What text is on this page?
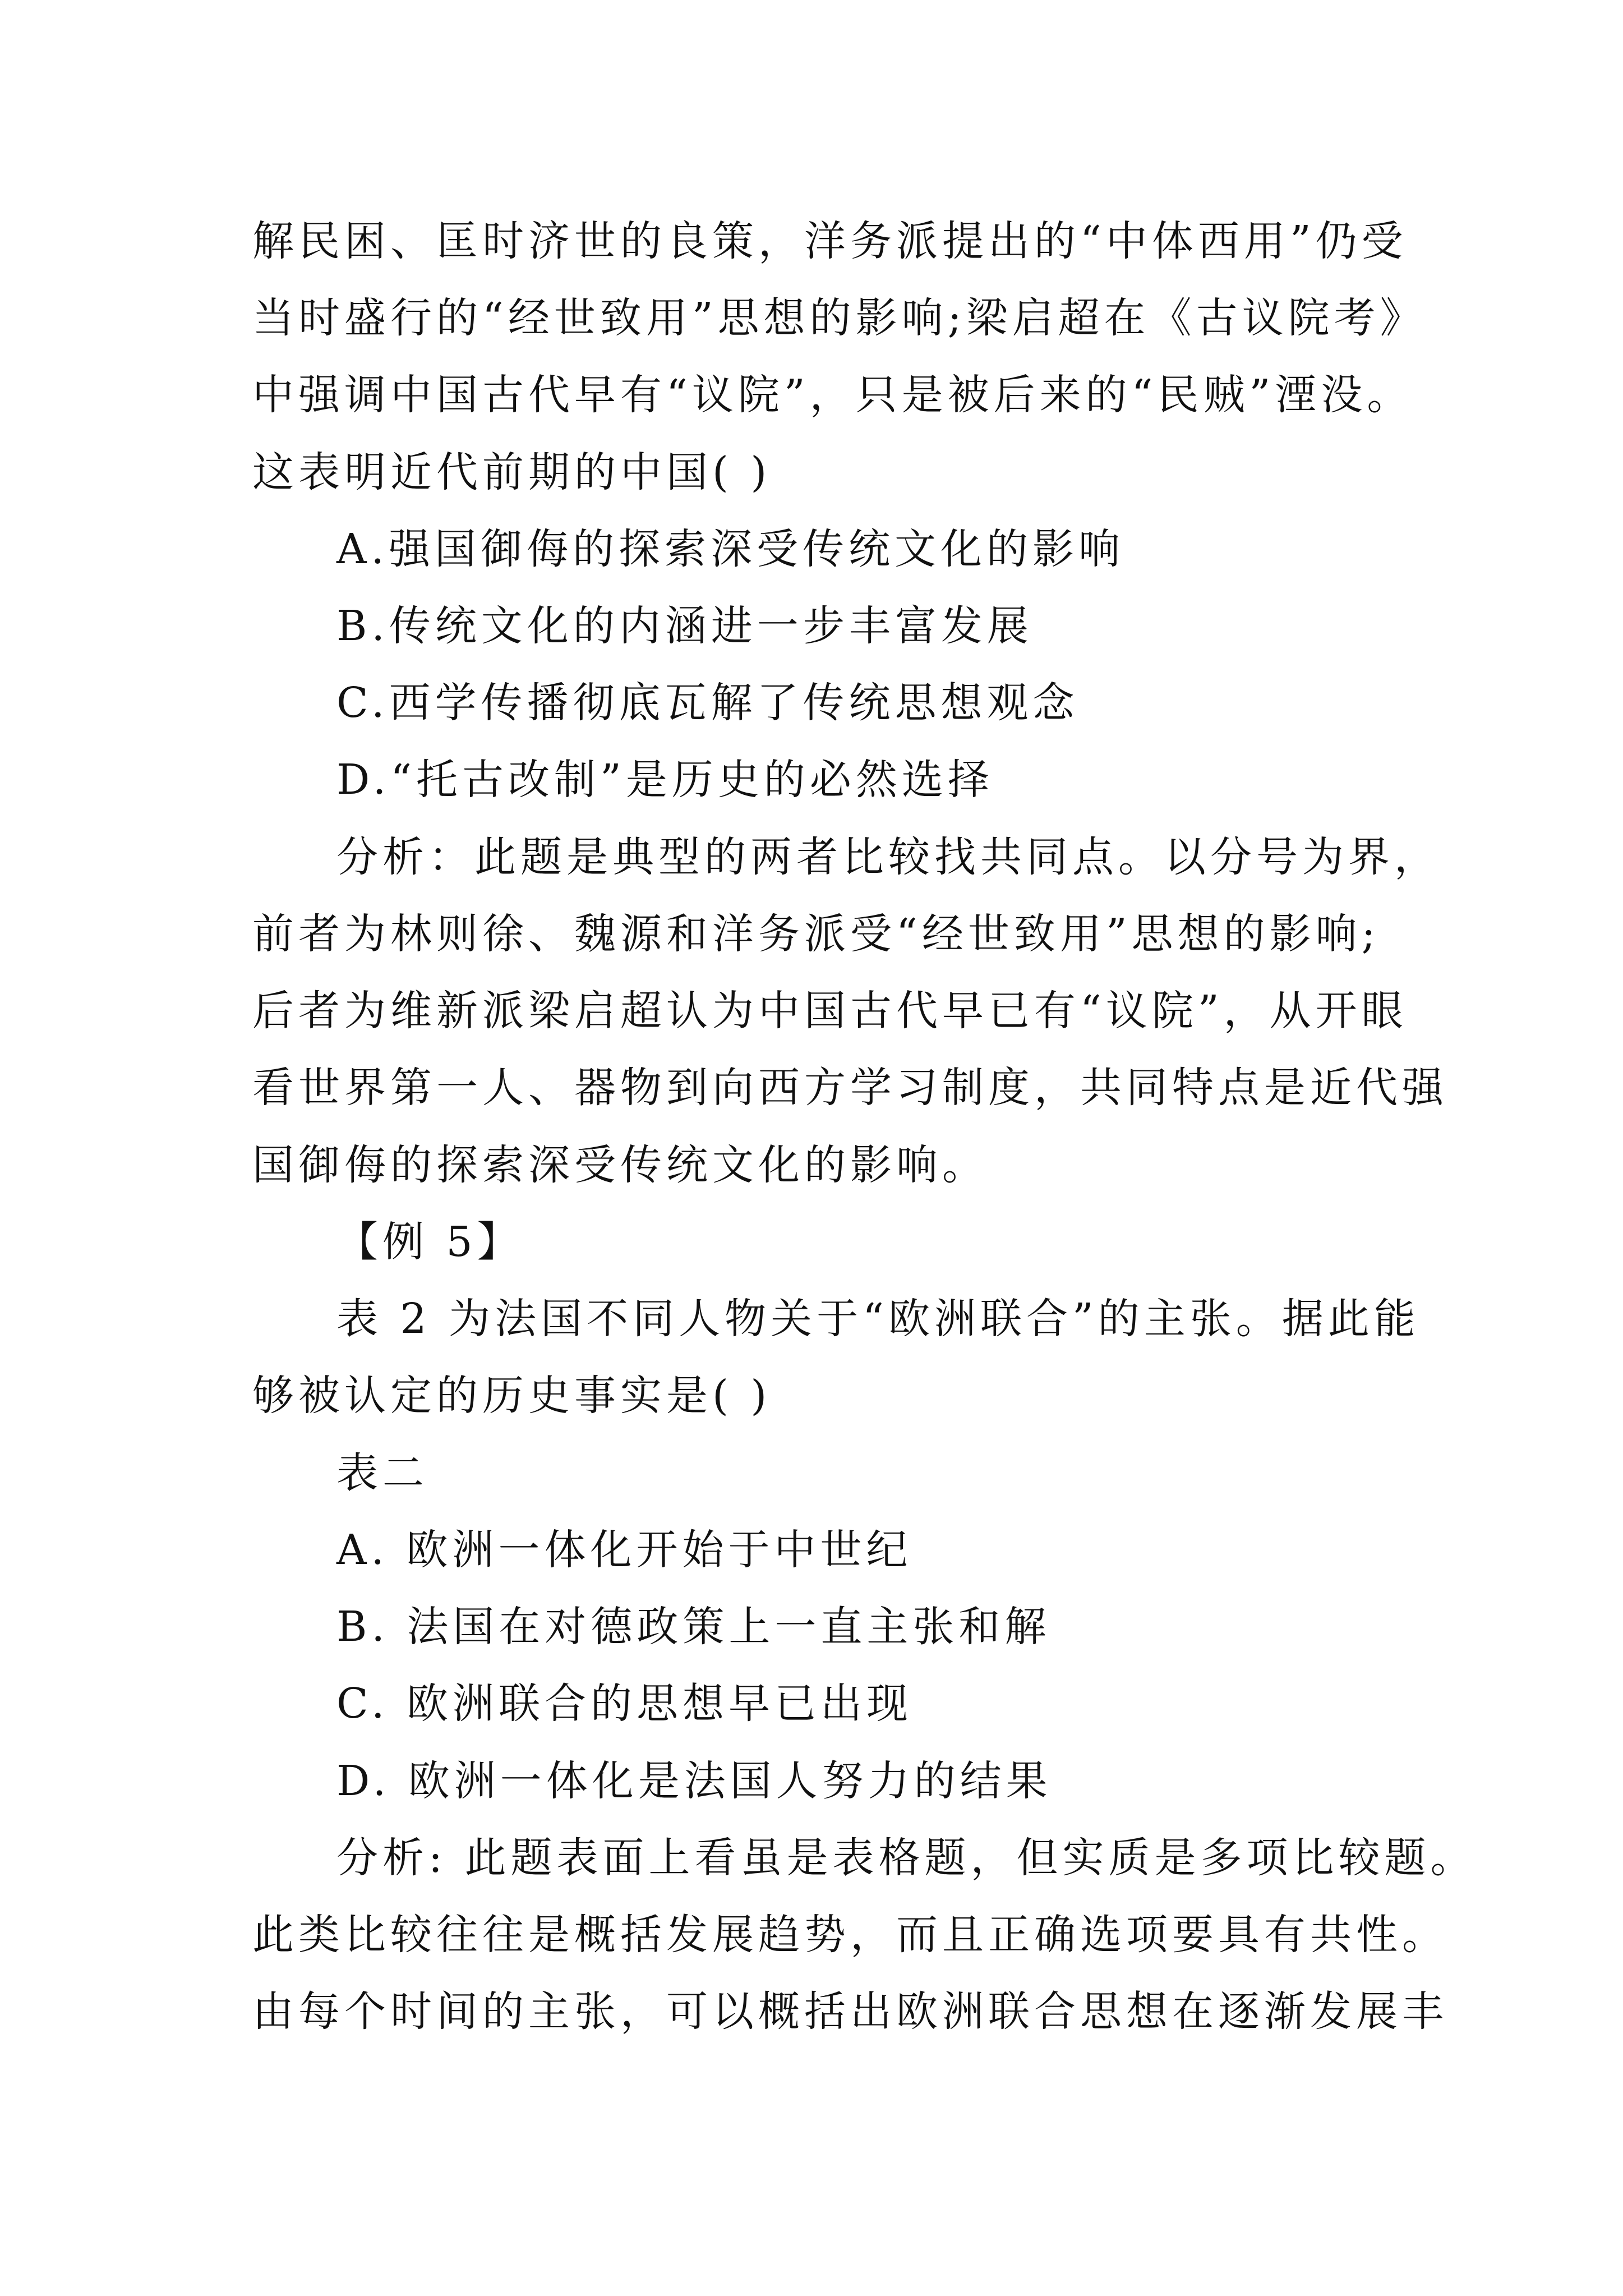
解民困、匡时济世的良策，洋务派提出的“中体西用”仍受
当时盛行的“经世致用”思想的影响;梁启超在《古议院考》
中强调中国古代早有“议院”，只是被后来的“民贼”湮没。
这表明近代前期的中国( )
A.强国御侮的探索深受传统文化的影响
B.传统文化的内涵进一步丰富发展
C.西学传播彻底瓦解了传统思想观念
D.“托古改制”是历史的必然选择
分析：此题是典型的两者比较找共同点。以分号为界，
前者为林则徐、魏源和洋务派受“经世致用”思想的影响;
后者为维新派梁启超认为中国古代早已有“议院”，从开眼
看世界第一人、器物到向西方学习制度，共同特点是近代强
国御侮的探索深受传统文化的影响。
【例 5】
表 2 为法国不同人物关于“欧洲联合”的主张。据此能
够被认定的历史事实是( )
表二
A. 欧洲一体化开始于中世纪
B. 法国在对德政策上一直主张和解
C. 欧洲联合的思想早已出现
D. 欧洲一体化是法国人努力的结果
分析: 此题表面上看虽是表格题，但实质是多项比较题。
此类比较往往是概括发展趋势，而且正确选项要具有共性。
由每个时间的主张，可以概括出欧洲联合思想在逐渐发展丰
